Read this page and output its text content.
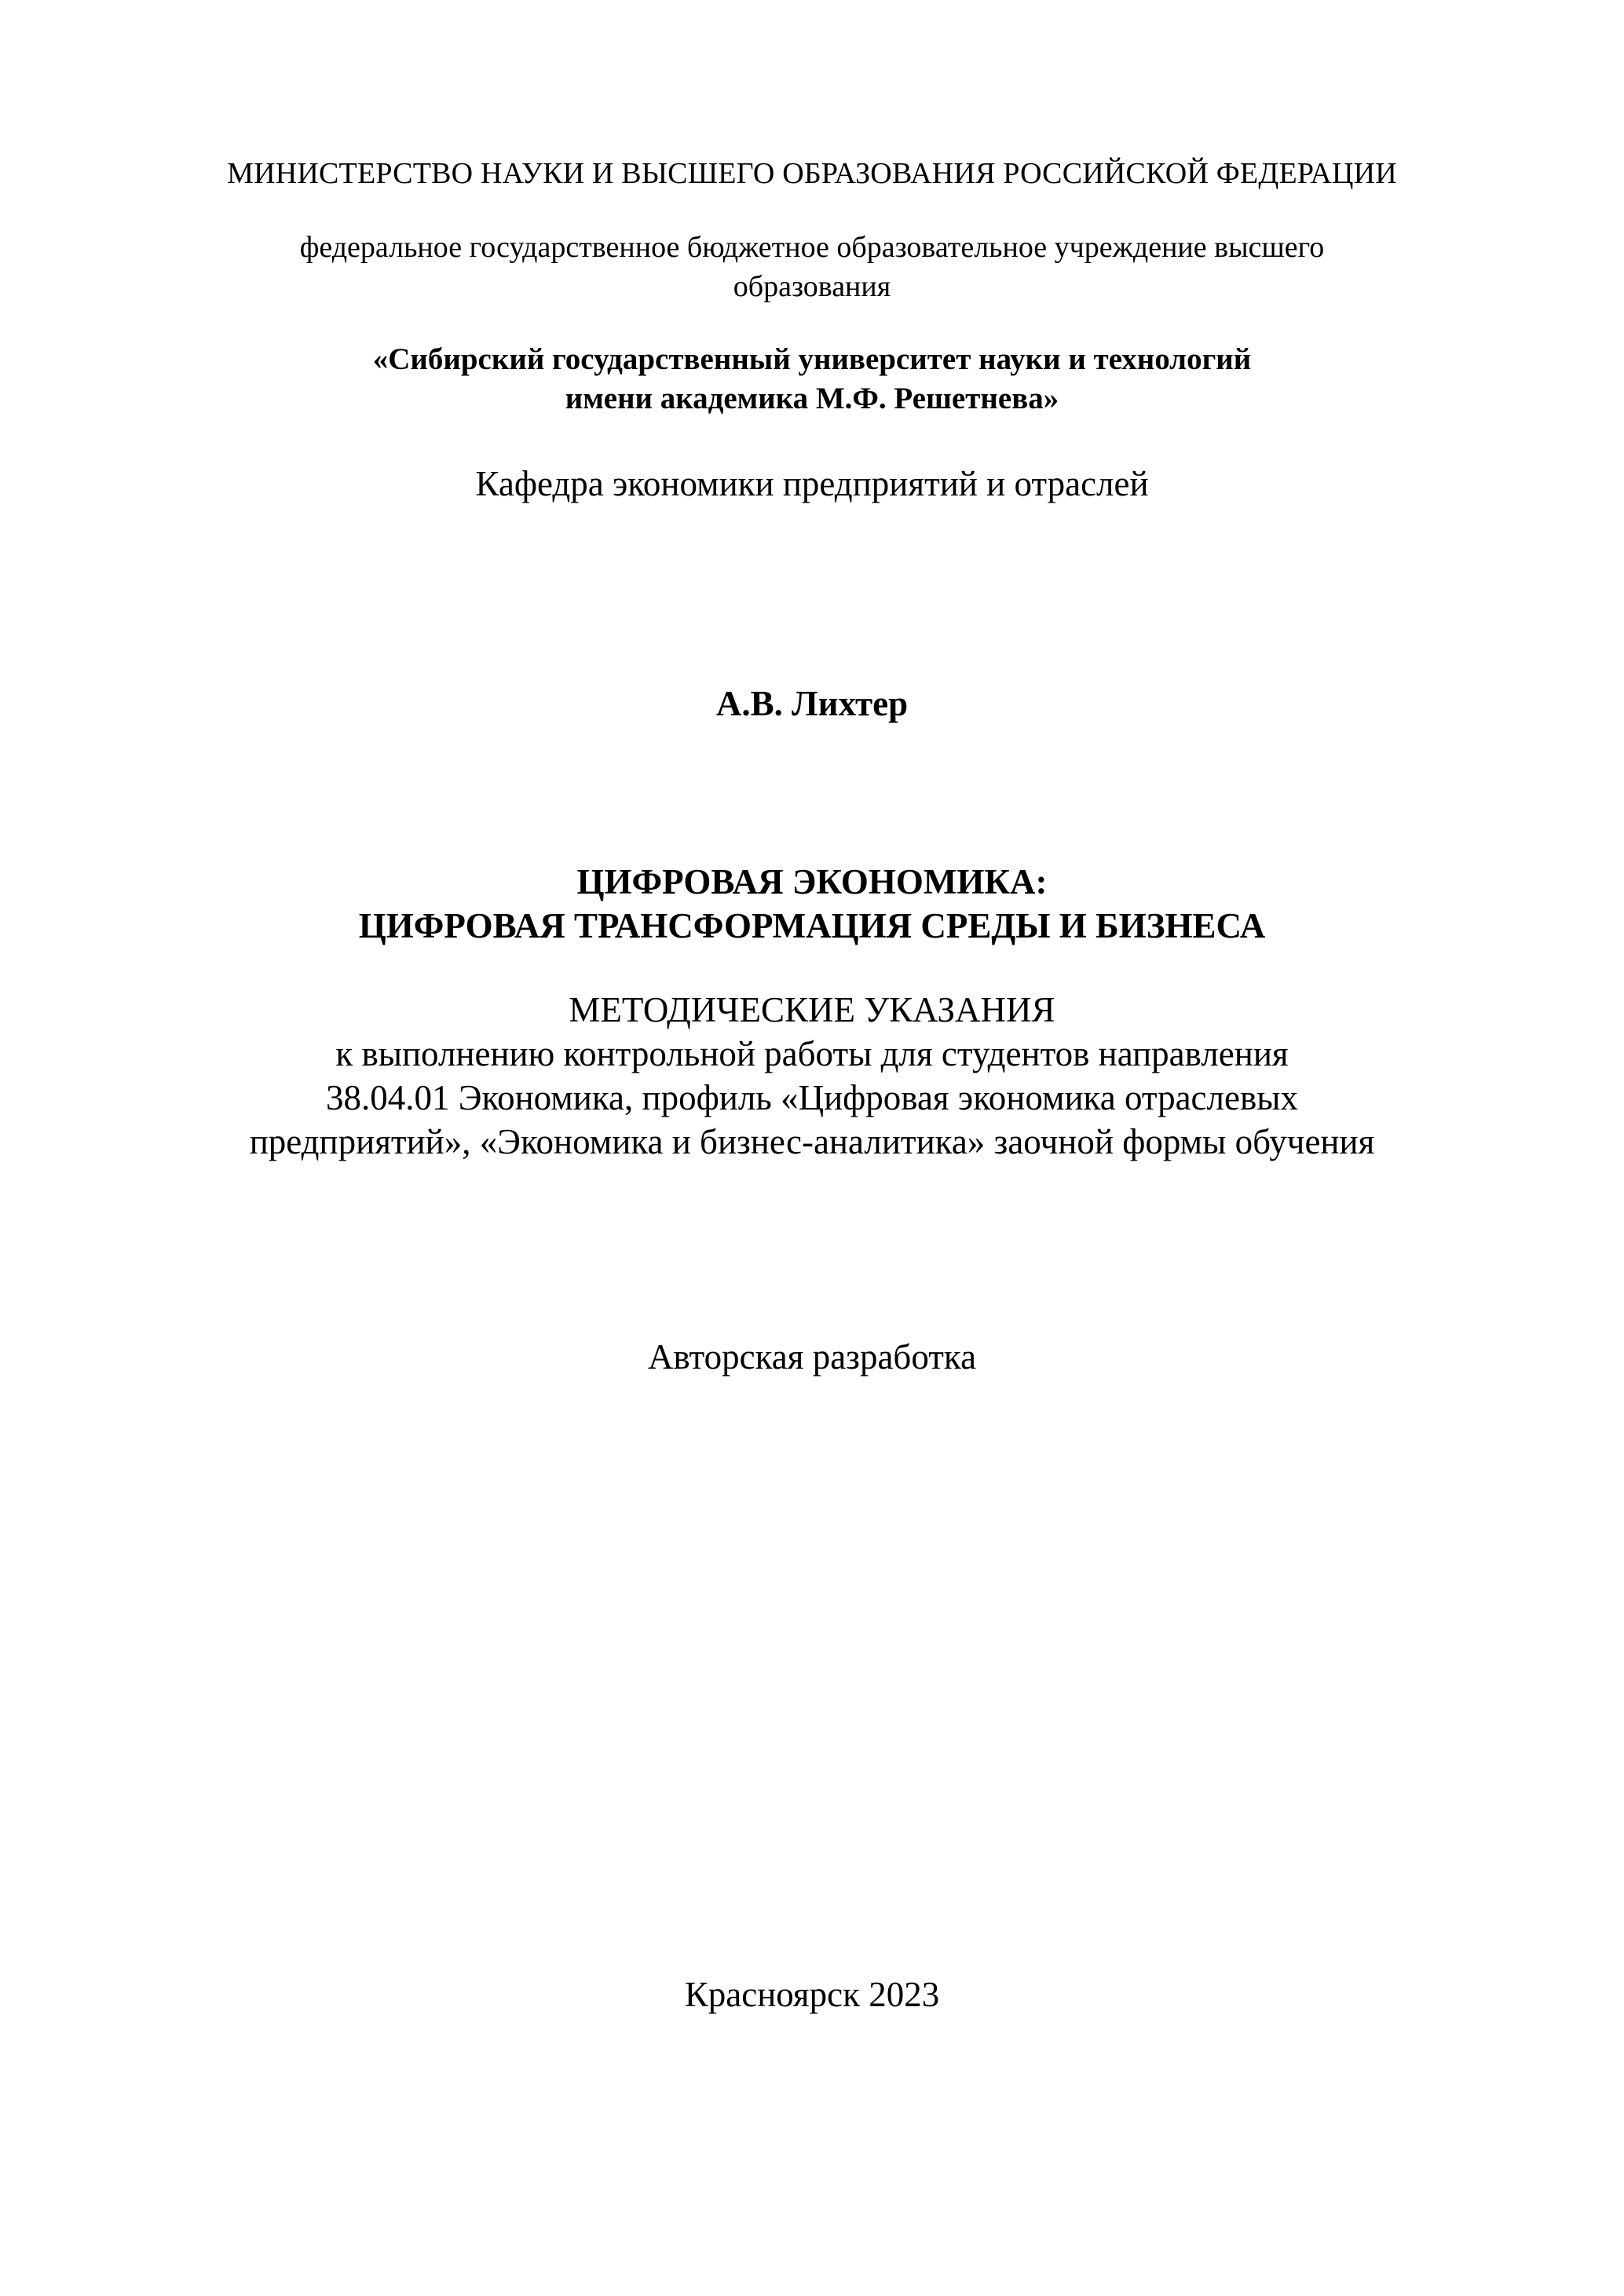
МИНИСТЕРСТВО НАУКИ И ВЫСШЕГО ОБРАЗОВАНИЯ РОССИЙСКОЙ ФЕДЕРАЦИИ
федеральное государственное бюджетное образовательное учреждение высшего
образования
«Сибирский государственный университет науки и технологий
имени академика М.Ф. Решетнева»
Кафедра экономики предприятий и отраслей
А.В. Лихтер
ЦИФРОВАЯ ЭКОНОМИКА:
ЦИФРОВАЯ ТРАНСФОРМАЦИЯ СРЕДЫ И БИЗНЕСА
МЕТОДИЧЕСКИЕ УКАЗАНИЯ
к выполнению контрольной работы для студентов направления
38.04.01 Экономика, профиль «Цифровая экономика отраслевых
предприятий», «Экономика и бизнес-аналитика» заочной формы обучения
Авторская разработка
Красноярск 2023
